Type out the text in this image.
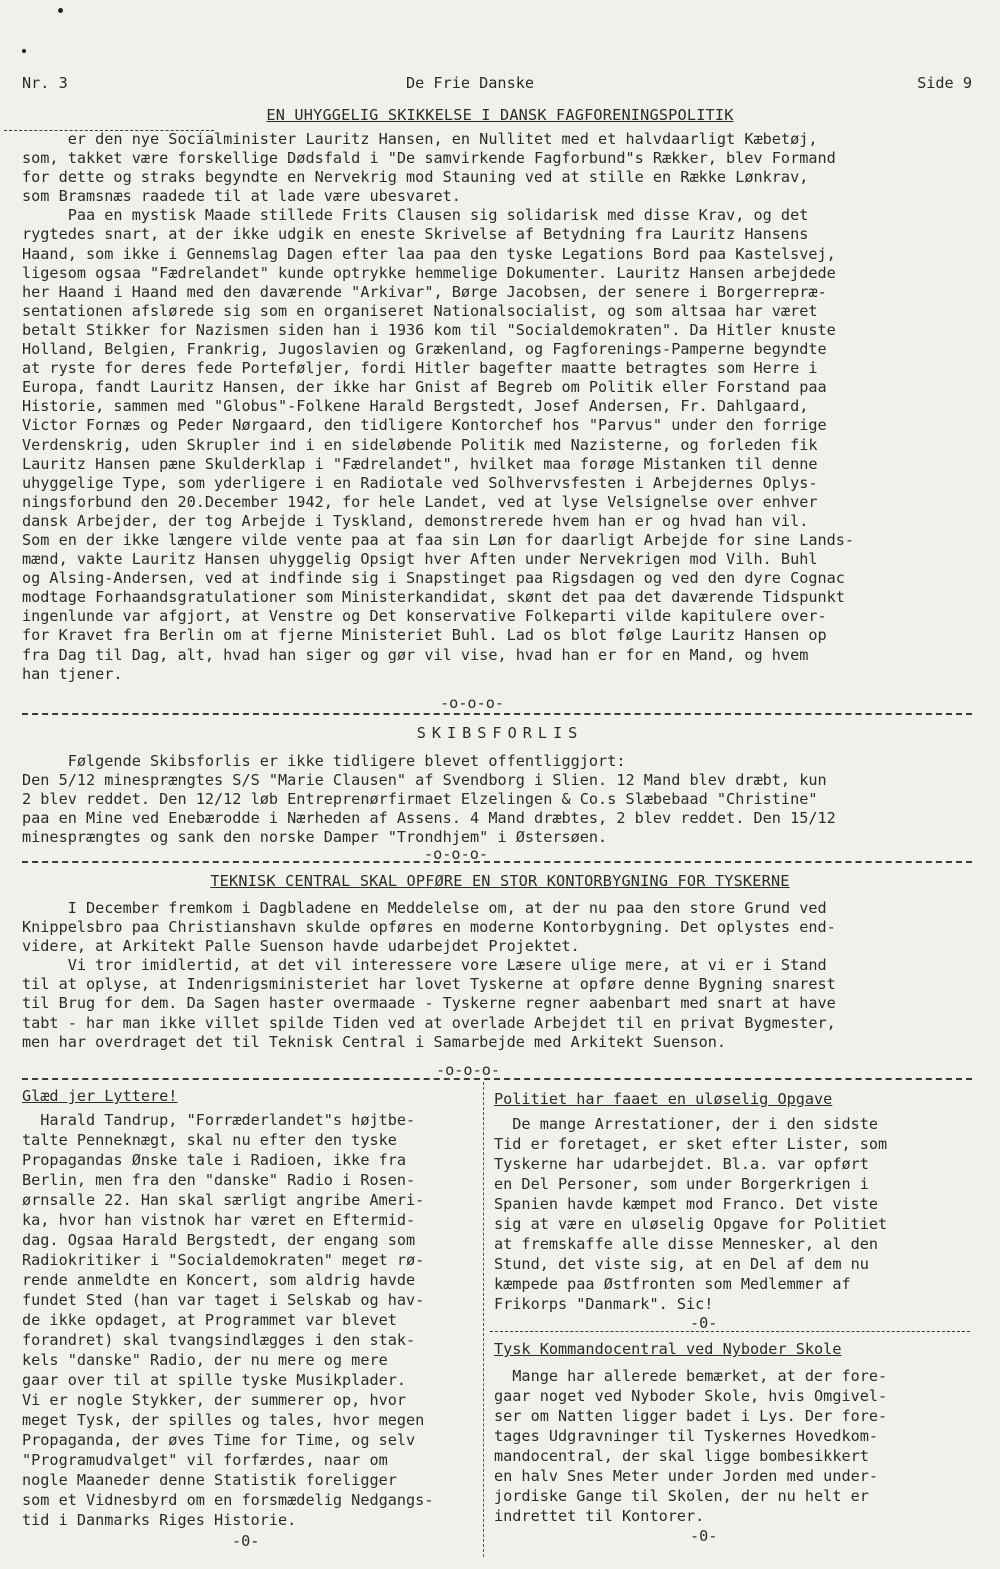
Nr. 3	De Frie Danske	Side 9
EN UHYGGELIG SKIKKELSE I DANSK FAGFORENINGSPOLITIK
er den nye Socialminister Lauritz Hansen, en Nullitet med et halvdaarligt Kæbetøj,
som, takket være forskellige Dødsfald i "De samvirkende Fagforbund"s Rækker, blev Formand
for dette og straks begyndte en Nervekrig mod Stauning ved at stille en Række Lønkrav,
som Bramsnæs raadede til at lade være ubesvaret.
Paa en mystisk Maade stillede Frits Clausen sig solidarisk med disse Krav, og det
rygtedes snart, at der ikke udgik en eneste Skrivelse af Betydning fra Lauritz Hansens
Haand, som ikke i Gennemslag Dagen efter laa paa den tyske Legations Bord paa Kastelsvej,
ligesom ogsaa "Fædrelandet" kunde optrykke hemmelige Dokumenter. Lauritz Hansen arbejdede
her Haand i Haand med den daværende "Arkivar", Børge Jacobsen, der senere i Borgerrepræ-
sentationen afslørede sig som en organiseret Nationalsocialist, og som altsaa har været
betalt Stikker for Nazismen siden han i 1936 kom til "Socialdemokraten". Da Hitler knuste
Holland, Belgien, Frankrig, Jugoslavien og Grækenland, og Fagforenings-Pamperne begyndte
at ryste for deres fede Porteføljer, fordi Hitler bagefter maatte betragtes som Herre i
Europa, fandt Lauritz Hansen, der ikke har Gnist af Begreb om Politik eller Forstand paa
Historie, sammen med "Globus"-Folkene Harald Bergstedt, Josef Andersen, Fr. Dahlgaard,
Victor Fornæs og Peder Nørgaard, den tidligere Kontorchef hos "Parvus" under den forrige
Verdenskrig, uden Skrupler ind i en sideløbende Politik med Nazisterne, og forleden fik
Lauritz Hansen pæne Skulderklap i "Fædrelandet", hvilket maa forøge Mistanken til denne
uhyggelige Type, som yderligere i en Radiotale ved Solhvervsfesten i Arbejdernes Oplys-
ningsforbund den 20.December 1942, for hele Landet, ved at lyse Velsignelse over enhver
dansk Arbejder, der tog Arbejde i Tyskland, demonstrerede hvem han er og hvad han vil.
Som en der ikke længere vilde vente paa at faa sin Løn for daarligt Arbejde for sine Lands-
mænd, vakte Lauritz Hansen uhyggelig Opsigt hver Aften under Nervekrigen mod Vilh. Buhl
og Alsing-Andersen, ved at indfinde sig i Snapstinget paa Rigsdagen og ved den dyre Cognac
modtage Forhaandsgratulationer som Ministerkandidat, skønt det paa det daværende Tidspunkt
ingenlunde var afgjort, at Venstre og Det konservative Folkeparti vilde kapitulere over-
for Kravet fra Berlin om at fjerne Ministeriet Buhl. Lad os blot følge Lauritz Hansen op
fra Dag til Dag, alt, hvad han siger og gør vil vise, hvad han er for en Mand, og hvem
han tjener.
-o-o-o-
SKIBSFORLIS
Følgende Skibsforlis er ikke tidligere blevet offentliggjort:
Den 5/12 minesprængtes S/S "Marie Clausen" af Svendborg i Slien. 12 Mand blev dræbt, kun
2 blev reddet. Den 12/12 løb Entreprenørfirmaet Elzelingen & Co.s Slæbebaad "Christine"
paa en Mine ved Enebærodde i Nærheden af Assens. 4 Mand dræbtes, 2 blev reddet. Den 15/12
minesprængtes og sank den norske Damper "Trondhjem" i Østersøen.
-o-o-o-
TEKNISK CENTRAL SKAL OPFØRE EN STOR KONTORBYGNING FOR TYSKERNE
I December fremkom i Dagbladene en Meddelelse om, at der nu paa den store Grund ved
Knippelsbro paa Christianshavn skulde opføres en moderne Kontorbygning. Det oplystes end-
videre, at Arkitekt Palle Suenson havde udarbejdet Projektet.
Vi tror imidlertid, at det vil interessere vore Læsere ulige mere, at vi er i Stand
til at oplyse, at Indenrigsministeriet har lovet Tyskerne at opføre denne Bygning snarest
til Brug for dem. Da Sagen haster overmaade - Tyskerne regner aabenbart med snart at have
tabt - har man ikke villet spilde Tiden ved at overlade Arbejdet til en privat Bygmester,
men har overdraget det til Teknisk Central i Samarbejde med Arkitekt Suenson.
-o-o-o-
Glæd jer Lyttere!
Harald Tandrup, "Forræderlandet"s højtbe-
talte Penneknægt, skal nu efter den tyske
Propagandas Ønske tale i Radioen, ikke fra
Berlin, men fra den "danske" Radio i Rosen-
ørnsalle 22. Han skal særligt angribe Ameri-
ka, hvor han vistnok har været en Eftermid-
dag. Ogsaa Harald Bergstedt, der engang som
Radiokritiker i "Socialdemokraten" meget rø-
rende anmeldte en Koncert, som aldrig havde
fundet Sted (han var taget i Selskab og hav-
de ikke opdaget, at Programmet var blevet
forandret) skal tvangsindlægges i den stak-
kels "danske" Radio, der nu mere og mere
gaar over til at spille tyske Musikplader.
Vi er nogle Stykker, der summerer op, hvor
meget Tysk, der spilles og tales, hvor megen
Propaganda, der øves Time for Time, og selv
"Programudvalget" vil forfærdes, naar om
nogle Maaneder denne Statistik foreligger
som et Vidnesbyrd om en forsmædelig Nedgangs-
tid i Danmarks Riges Historie.
-0-
Politiet har faaet en uløselig Opgave
De mange Arrestationer, der i den sidste
Tid er foretaget, er sket efter Lister, som
Tyskerne har udarbejdet. Bl.a. var opført
en Del Personer, som under Borgerkrigen i
Spanien havde kæmpet mod Franco. Det viste
sig at være en uløselig Opgave for Politiet
at fremskaffe alle disse Mennesker, al den
Stund, det viste sig, at en Del af dem nu
kæmpede paa Østfronten som Medlemmer af
Frikorps "Danmark". Sic!
-0-
Tysk Kommandocentral ved Nyboder Skole
Mange har allerede bemærket, at der fore-
gaar noget ved Nyboder Skole, hvis Omgivel-
ser om Natten ligger badet i Lys. Der fore-
tages Udgravninger til Tyskernes Hovedkom-
mandocentral, der skal ligge bombesikkert
en halv Snes Meter under Jorden med under-
jordiske Gange til Skolen, der nu helt er
indrettet til Kontorer.
-0-
